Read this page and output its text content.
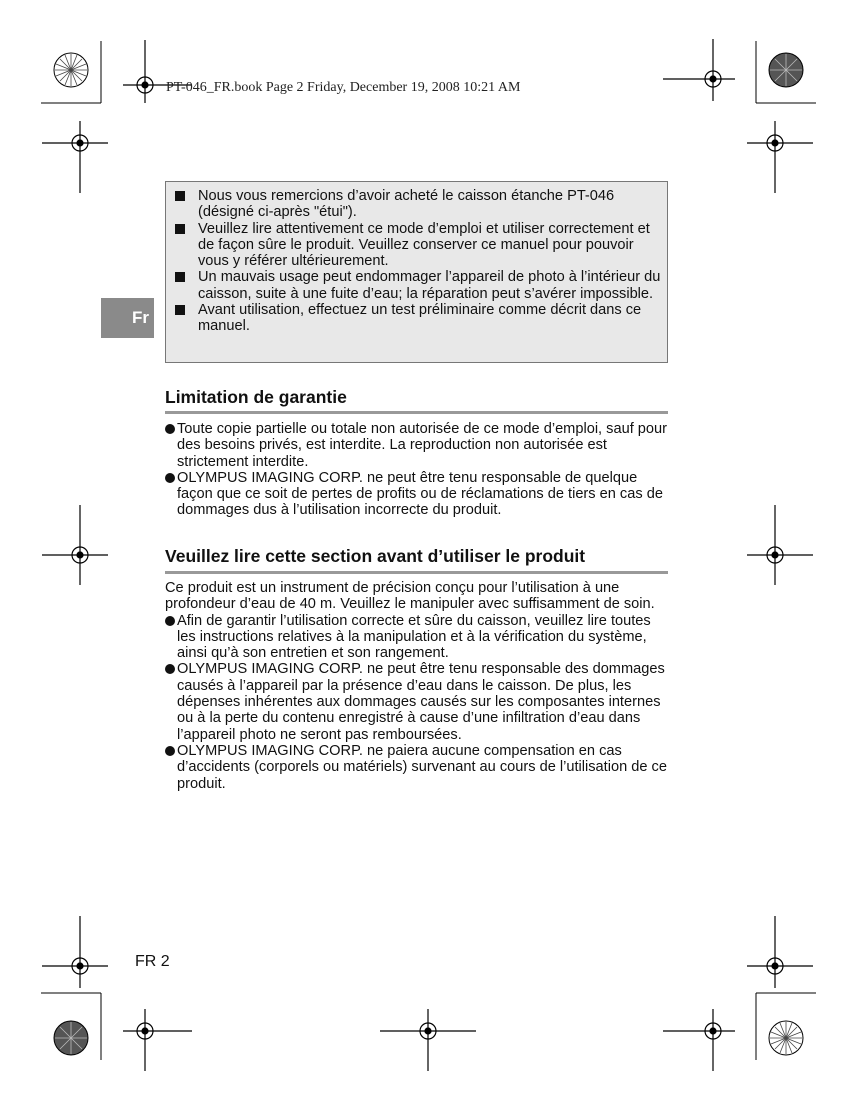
PT-046_FR.book Page 2 Friday, December 19, 2008 10:21 AM
Fr
Nous vous remercions d’avoir acheté le caisson étanche PT-046 (désigné ci-après "étui").
Veuillez lire attentivement ce mode d’emploi et utiliser correctement et de façon sûre le produit. Veuillez conserver ce manuel pour pouvoir vous y référer ultérieurement.
Un mauvais usage peut endommager l’appareil de photo à l’intérieur du caisson, suite à une fuite d’eau; la réparation peut s’avérer impossible.
Avant utilisation, effectuez un test préliminaire comme décrit dans ce manuel.
Limitation de garantie
Toute copie partielle ou totale non autorisée de ce mode d’emploi, sauf pour des besoins privés, est interdite. La reproduction non autorisée est strictement interdite.
OLYMPUS IMAGING CORP. ne peut être tenu responsable de quelque façon que ce soit de pertes de profits ou de réclamations de tiers en cas de dommages dus à l’utilisation incorrecte du produit.
Veuillez lire cette section avant d’utiliser le produit

Ce produit est un instrument de précision conçu pour l’utilisation à une profondeur d’eau de 40 m. Veuillez le manipuler avec suffisamment de soin.

Afin de garantir l’utilisation correcte et sûre du caisson, veuillez lire toutes les instructions relatives à la manipulation et à la vérification du système, ainsi qu’à son entretien et son rangement.
OLYMPUS IMAGING CORP. ne peut être tenu responsable des dommages causés à l’appareil par la présence d’eau dans le caisson. De plus, les dépenses inhérentes aux dommages causés sur les composantes internes ou à la perte du contenu enregistré à cause d’une infiltration d’eau dans l’appareil photo ne seront pas remboursées.
OLYMPUS IMAGING CORP. ne paiera aucune compensation en cas d’accidents (corporels ou matériels) survenant au cours de l’utilisation de ce produit.
FR 2
